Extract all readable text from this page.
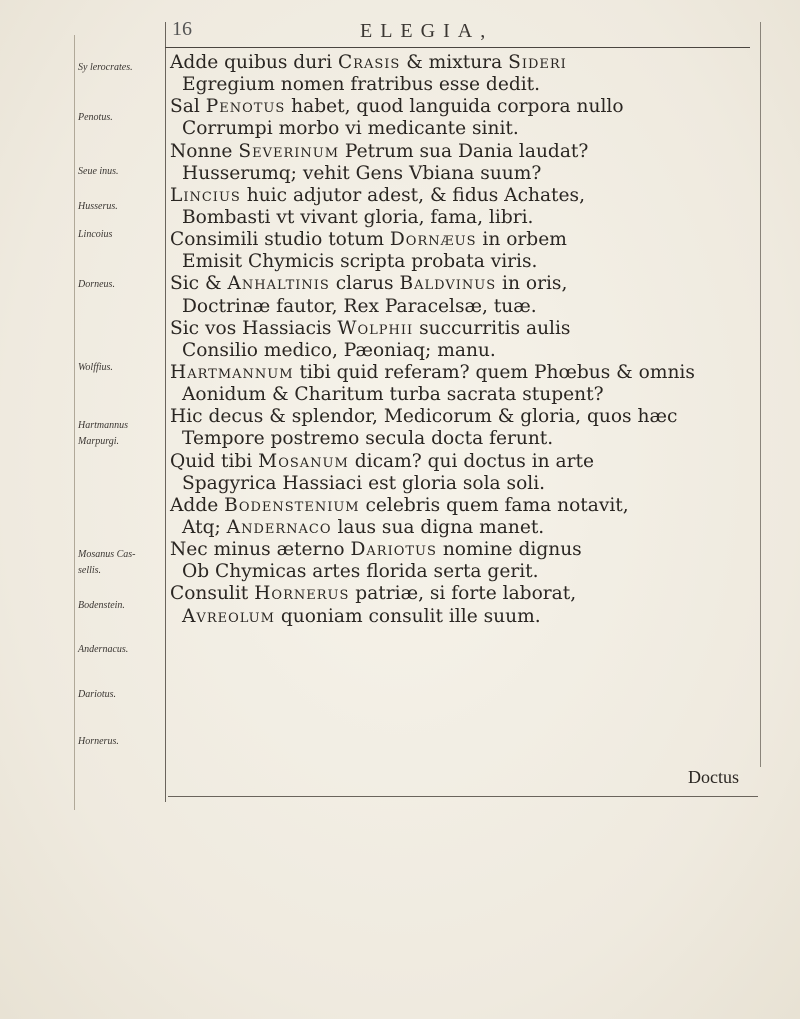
16	ELEGIA,
Adde quibus duri Crasis & mixtura Sideri
Egregium nomen fratribus esse dedit.
Sal Penotus habet, quod languida corpora nullo
Corrumpi morbo vi medicante sinit.
Nonne Severinum Petrum sua Dania laudat?
Husserumq; vehit Gens Vbiana suum?
Lincius huic adjutor adest, & fidus Achates,
Bombasti vt vivant gloria, fama, libri.
Consimili studio totum Dornæus in orbem
Emisit Chymicis scripta probata viris.
Sic & Anhaltinis clarus Baldvinus in oris,
Doctrinæ fautor, Rex Paracelsæ, tuæ.
Sic vos Hassiacis Wolphii succurritis aulis
Consilio medico, Pæoniaq; manu.
Hartmannum tibi quid referam? quem Phœbus & omnis
Aonidum & Charitum turba sacrata stupent?
Hic decus & splendor, Medicorum & gloria, quos hæc
Tempore postremo secula docta ferunt.
Quid tibi Mosanum dicam? qui doctus in arte
Spagyrica Hassiaci est gloria sola soli.
Adde Bodenstenium celebris quem fama notavit,
Atq; Andernaco laus sua digna manet.
Nec minus æterno Dariotus nomine dignus
Ob Chymicas artes florida serta gerit.
Consulit Hornerus patriæ, si forte laborat,
Avreolum quoniam consulit ille suum.
Sy lerocrates.
Penotus.
Seue inus.
Husserus.
Lincoius
Dorneus.
Wolffius.
Hartmannus
Marpurgi.
Mosanus Cas-
sellis.
Bodenstein.
Andernacus.
Dariotus.
Hornerus.
Doctus
